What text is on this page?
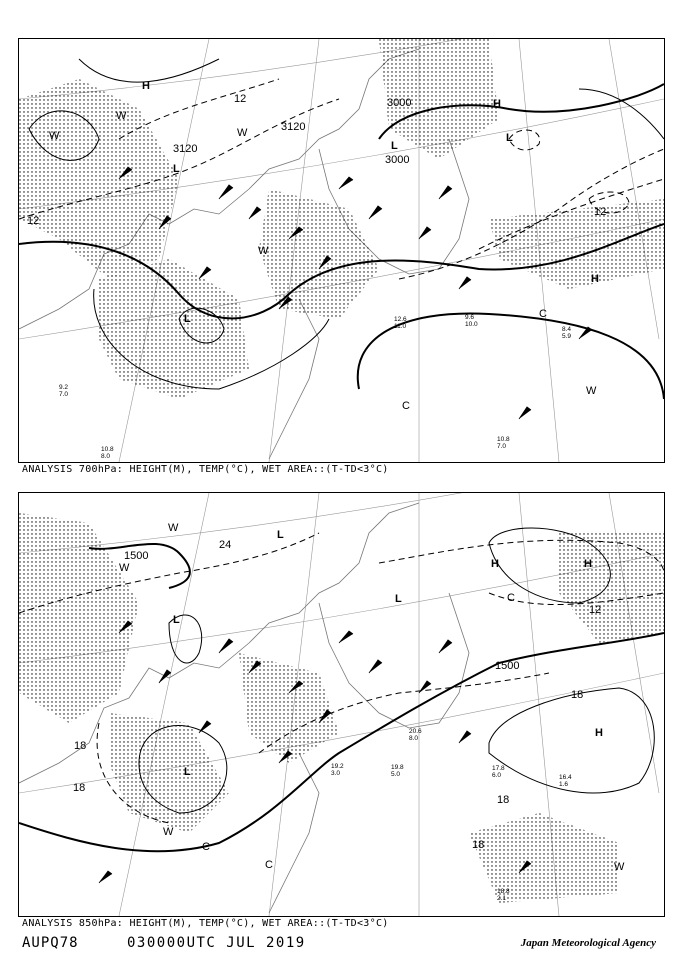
3000
3000
3120
3120
12
12
12
H
H
H
L
L
L
L
W
W
W
W
C
C
W
10.8 7.0
9.6 10.0
8.4 5.9
12.6 11.0
10.8 8.0
9.2 7.0
ANALYSIS 700hPa: HEIGHT(M), TEMP(°C), WET AREA::(T-TD<3°C)
1500
1500
18
18
18
18
12
18
24
H	H
H
L
L
L
L
W
W
W
C
C
W
C
17.8 6.0	16.4 1.6
19.8 5.0
18.8 2.1
19.2 3.0
20.6 8.0
ANALYSIS 850hPa: HEIGHT(M), TEMP(°C), WET AREA::(T-TD<3°C)
AUPQ78	030000UTC JUL 2019	Japan Meteorological Agency
